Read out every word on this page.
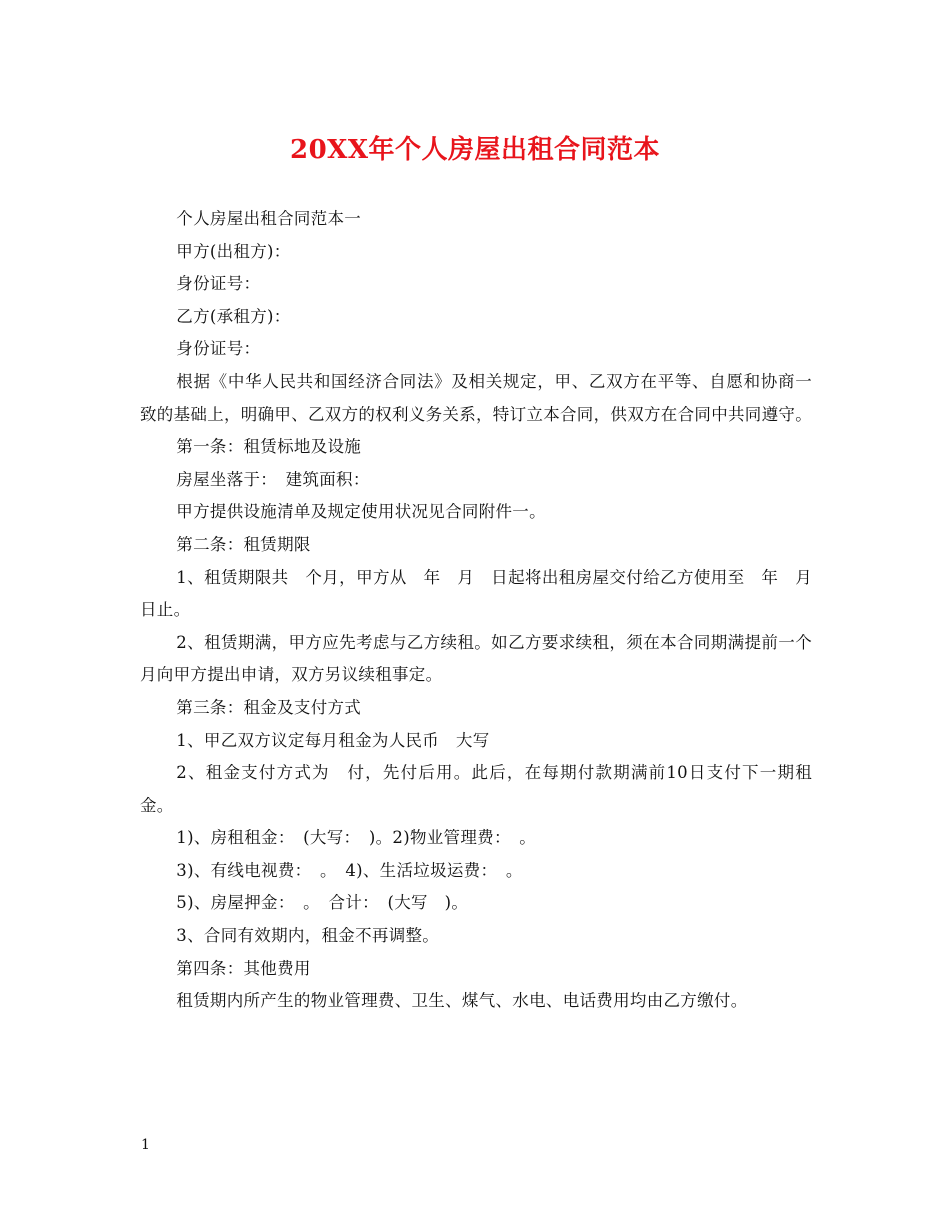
20XX年个人房屋出租合同范本

个人房屋出租合同范本一

甲方(出租方)：

身份证号：

乙方(承租方)：

身份证号：

根据《中华人民共和国经济合同法》及相关规定，甲、乙双方在平等、自愿和协商一致的基础上，明确甲、乙双方的权利义务关系，特订立本合同，供双方在合同中共同遵守。

第一条：租赁标地及设施

房屋坐落于：　建筑面积：

甲方提供设施清单及规定使用状况见合同附件一。

第二条：租赁期限

1、租赁期限共　个月，甲方从　年　月　日起将出租房屋交付给乙方使用至　年　月　日止。

2、租赁期满，甲方应先考虑与乙方续租。如乙方要求续租，须在本合同期满提前一个月向甲方提出申请，双方另议续租事定。

第三条：租金及支付方式

1、甲乙双方议定每月租金为人民币　大写

2、租金支付方式为　付，先付后用。此后，在每期付款期满前10日支付下一期租金。

1)、房租租金：　(大写：　)。2)物业管理费：　。

3)、有线电视费：　。　4)、生活垃圾运费：　。

5)、房屋押金：　。　合计：　(大写　)。

3、合同有效期内，租金不再调整。

第四条：其他费用

租赁期内所产生的物业管理费、卫生、煤气、水电、电话费用均由乙方缴付。

1
